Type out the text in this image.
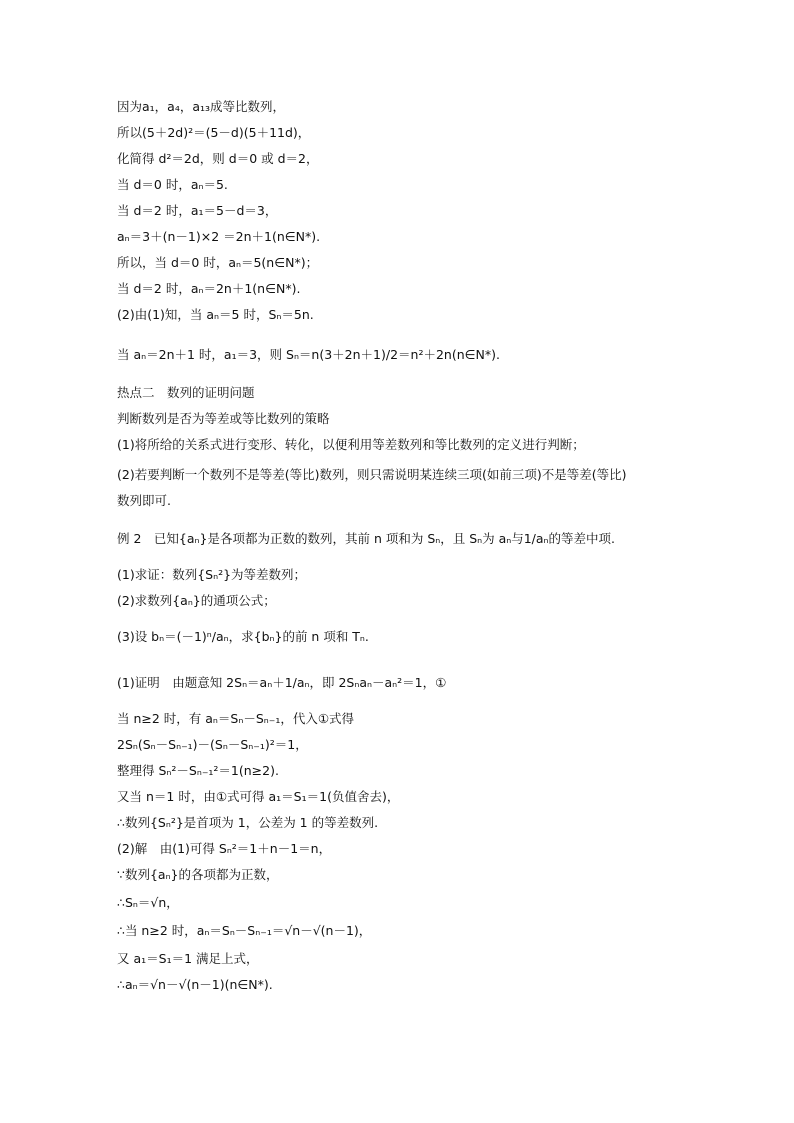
因为a₁，a₄，a₁₃成等比数列，
所以(5＋2d)²＝(5－d)(5＋11d)，
化简得 d²＝2d，则 d＝0 或 d＝2，
当 d＝0 时，aₙ＝5.
当 d＝2 时，a₁＝5－d＝3，
aₙ＝3＋(n－1)×2 ＝2n＋1(n∈N*).
所以，当 d＝0 时，aₙ＝5(n∈N*)；
当 d＝2 时，aₙ＝2n＋1(n∈N*).
(2)由(1)知，当 aₙ＝5 时，Sₙ＝5n.
当 aₙ＝2n＋1 时，a₁＝3，则 Sₙ＝n(3＋2n＋1)/2＝n²＋2n(n∈N*).
热点二　数列的证明问题
判断数列是否为等差或等比数列的策略
(1)将所给的关系式进行变形、转化，以便利用等差数列和等比数列的定义进行判断；
(2)若要判断一个数列不是等差(等比)数列，则只需说明某连续三项(如前三项)不是等差(等比)
数列即可.
例 2　已知{aₙ}是各项都为正数的数列，其前 n 项和为 Sₙ，且 Sₙ为 aₙ与1/aₙ的等差中项.
(1)求证：数列{Sₙ²}为等差数列；
(2)求数列{aₙ}的通项公式；
(3)设 bₙ＝(－1)ⁿ/aₙ，求{bₙ}的前 n 项和 Tₙ.
(1)证明　由题意知 2Sₙ＝aₙ＋1/aₙ，即 2Sₙaₙ－aₙ²＝1，①
当 n≥2 时，有 aₙ＝Sₙ－Sₙ₋₁，代入①式得
2Sₙ(Sₙ－Sₙ₋₁)－(Sₙ－Sₙ₋₁)²＝1，
整理得 Sₙ²－Sₙ₋₁²＝1(n≥2).
又当 n＝1 时，由①式可得 a₁＝S₁＝1(负值舍去)，
∴数列{Sₙ²}是首项为 1，公差为 1 的等差数列.
(2)解　由(1)可得 Sₙ²＝1＋n－1＝n，
∵数列{aₙ}的各项都为正数，
∴Sₙ＝√n，
∴当 n≥2 时，aₙ＝Sₙ－Sₙ₋₁＝√n－√(n－1)，
又 a₁＝S₁＝1 满足上式，
∴aₙ＝√n－√(n－1)(n∈N*).
